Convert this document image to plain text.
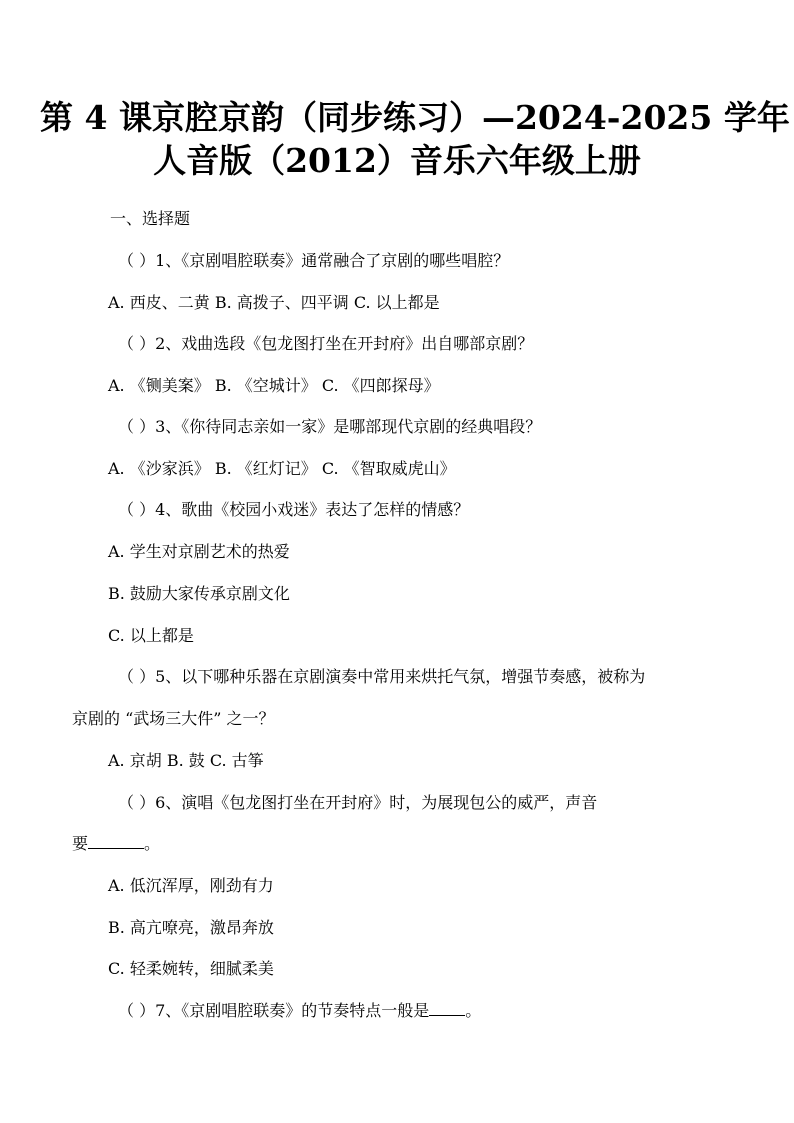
第 4 课京腔京韵（同步练习）—2024-2025 学年
人音版（2012）音乐六年级上册
一、选择题
（ ）1、《京剧唱腔联奏》通常融合了京剧的哪些唱腔？
A. 西皮、二黄 B. 高拨子、四平调 C. 以上都是
（ ）2、戏曲选段《包龙图打坐在开封府》出自哪部京剧？
A. 《铡美案》 B. 《空城计》 C. 《四郎探母》
（ ）3、《你待同志亲如一家》是哪部现代京剧的经典唱段？
A. 《沙家浜》 B. 《红灯记》 C. 《智取威虎山》
（ ）4、歌曲《校园小戏迷》表达了怎样的情感？
A. 学生对京剧艺术的热爱
B. 鼓励大家传承京剧文化
C. 以上都是
（ ）5、以下哪种乐器在京剧演奏中常用来烘托气氛，增强节奏感，被称为
京剧的 “武场三大件” 之一？
A. 京胡 B. 鼓 C. 古筝
（ ）6、演唱《包龙图打坐在开封府》时，为展现包公的威严，声音
要	。
A. 低沉浑厚，刚劲有力
B. 高亢嘹亮，激昂奔放
C. 轻柔婉转，细腻柔美
（ ）7、《京剧唱腔联奏》的节奏特点一般是 。
